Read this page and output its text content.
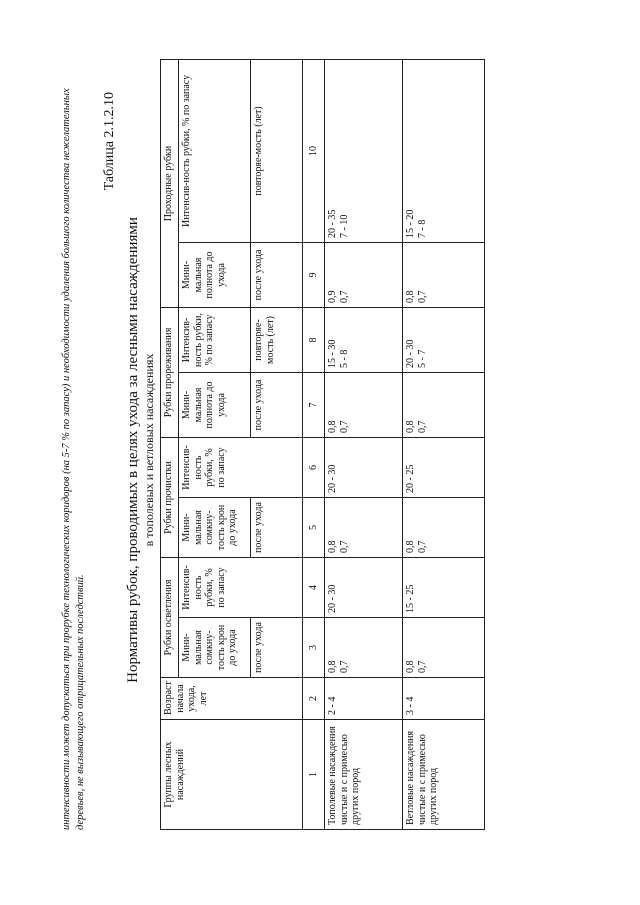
интенсивности может допускаться при прорубке технологических коридоров (на 5-7 % по запасу) и необходимости удаления большого количества нежелательных деревьев, не вызывающего отрицательных последствий.
Таблица 2.1.2.10
Нормативы рубок, проводимых в целях ухода за лесными насаждениями в тополевых и ветловых насаждениях
Группы лесных насаждений	Возраст начала ухода, лет	Рубки осветления		Рубки прочистки		Рубки прореживания		Проходные рубки	
		Мини-мальная сомкну-тость крон до ухода	Интенсив-ность рубки, % по запасу	Мини-мальная сомкну-тость крон до ухода	Интенсив-ность рубки, % по запасу	Мини-мальная полнота до ухода	Интенсив-ность рубки, % по запасу	Мини-мальная полнота до ухода	Интенсив-ность рубки, % по запасу
		после ухода		после ухода		после ухода	повторяе-мость (лет)	после ухода	повторяе-мость (лет)
1	2	3	4	5	6	7	8	9	10
Тополевые насаждения чистые и с примесью других пород	2 - 4	0,8 0,7	20 - 30	0,8 0,7	20 - 30	0,8 0,7	15 - 30 5 - 8	0,9 0,7	20 - 35 7 - 10

Ветловые насаждения чистые и с примесью других пород	3 - 4	0,8 0,7	15 - 25	0,8 0,7	20 - 25	0,8 0,7	20 - 30 5 - 7	0,8 0,7	15 - 20 7 - 8
